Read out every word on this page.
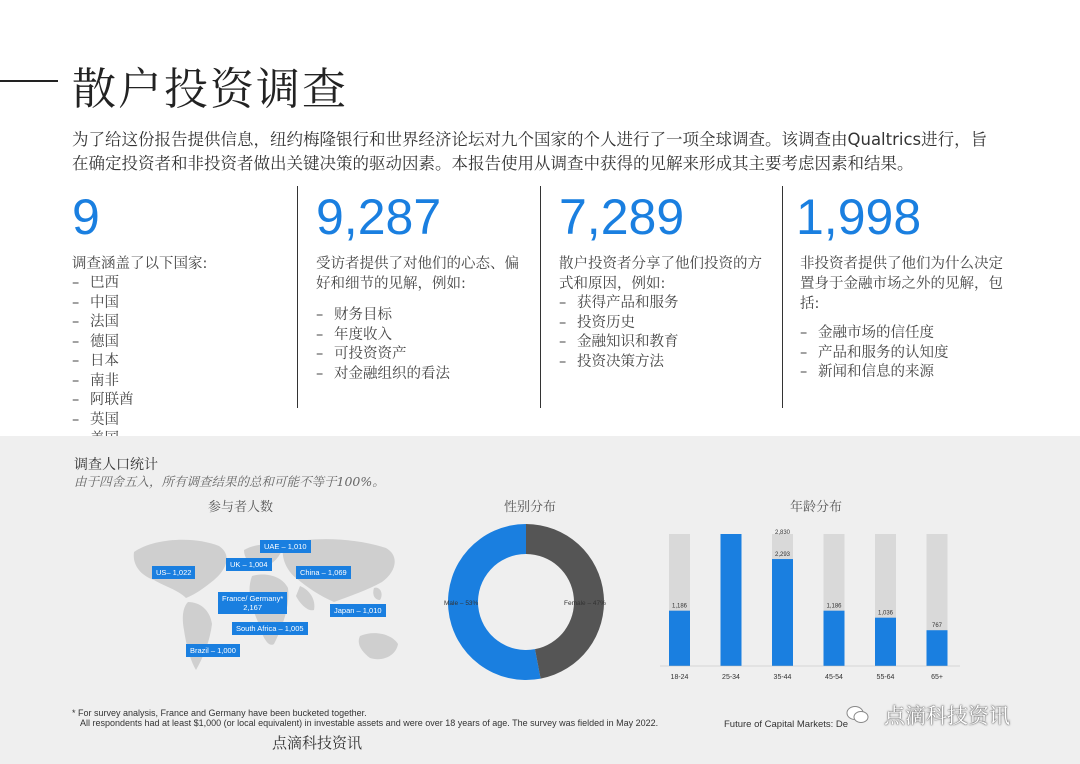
散户投资调查
为了给这份报告提供信息，纽约梅隆银行和世界经济论坛对九个国家的个人进行了一项全球调查。该调查由Qualtrics进行，旨在确定投资者和非投资者做出关键决策的驱动因素。本报告使用从调查中获得的见解来形成其主要考虑因素和结果。
9
调查涵盖了以下国家:
– 巴西
– 中国
– 法国
– 德国
– 日本
– 南非
– 阿联酋
– 英国
–
9,287
受访者提供了对他们的心态、偏好和细节的见解，例如:
– 财务目标
– 年度收入
– 可投资资产
– 对金融组织的看法
7,289
散户投资者分享了他们投资的方式和原因，例如:
– 获得产品和服务
– 投资历史
– 金融知识和教育
– 投资决策方法
1,998
非投资者提供了他们为什么决定置身于金融市场之外的见解，包括:
– 金融市场的信任度
– 产品和服务的认知度
– 新闻和信息的来源
调查人口统计
由于四舍五入，所有调查结果的总和可能不等于100%。
参与者人数	性别分布	年龄分布
US– 1,022
UK – 1,004
UAE – 1,010
China – 1,069
France/ Germany*
2,167	Japan – 1,010
South Africa – 1,005
Brazil – 1,000
Male – 53%	Female – 47%	1,186
18-24	25-34
2,293
35-44
1,186
45-54
1,036
55-64
767
65+
2,830
* For survey analysis, France and Germany have been bucketed together.
All respondents had at least $1,000 (or local equivalent) in investable assets and were over 18 years of age. The survey was fielded in May 2022.	Future of Capital Markets: De
点滴科技资讯
点滴科技资讯
